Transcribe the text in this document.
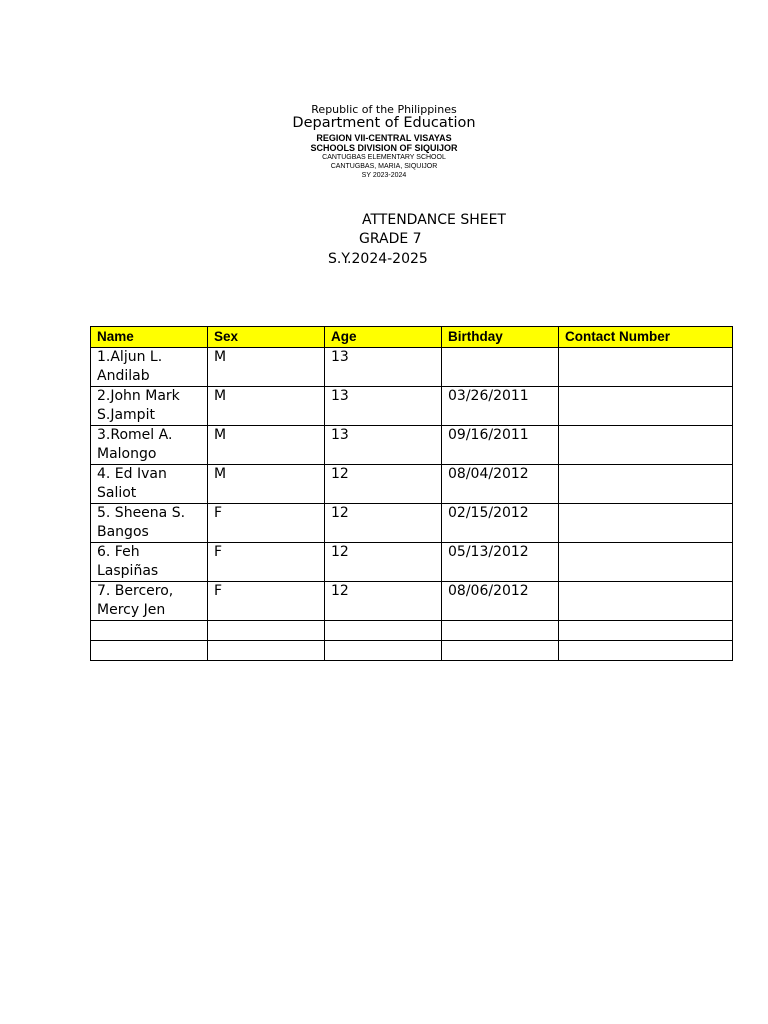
Republic of the Philippines
Department of Education
REGION VII-CENTRAL VISAYAS
SCHOOLS DIVISION OF SIQUIJOR
CANTUGBAS ELEMENTARY SCHOOL
CANTUGBAS, MARIA, SIQUIJOR
SY 2023-2024
ATTENDANCE SHEET
GRADE 7
S.Y.2024-2025
Name	Sex	Age	Birthday	Contact Number
1.Aljun L. Andilab	M	13		
2.John Mark S.Jampit	M	13	03/26/2011	
3.Romel A. Malongo	M	13	09/16/2011	
4. Ed Ivan Saliot	M	12	08/04/2012	
5. Sheena S. Bangos	F	12	02/15/2012	
6. Feh Laspiñas	F	12	05/13/2012	
7. Bercero, Mercy Jen	F	12	08/06/2012	
